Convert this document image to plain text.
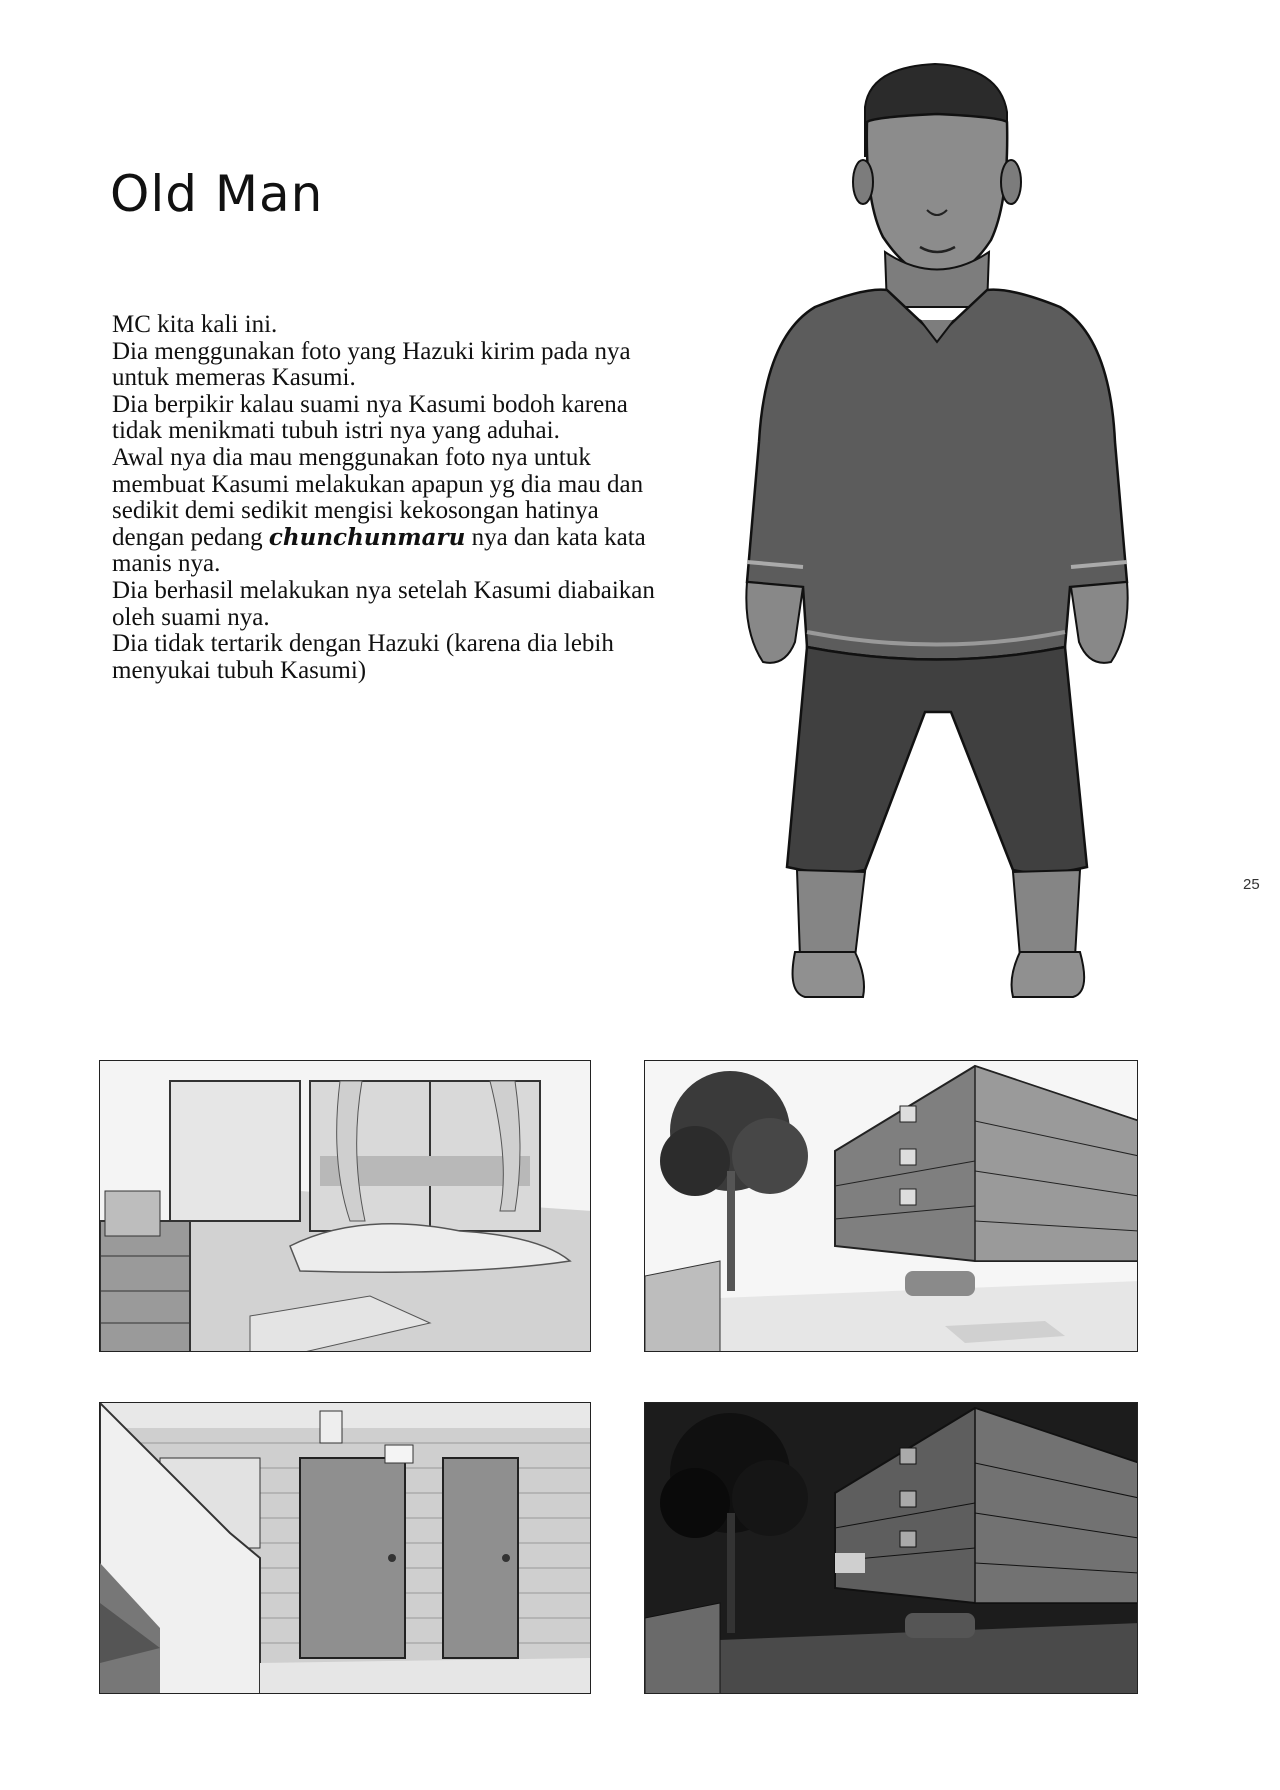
Old Man
MC kita kali ini.
Dia menggunakan foto yang Hazuki kirim pada nya
untuk memeras Kasumi.
Dia berpikir kalau suami nya Kasumi bodoh karena
tidak menikmati tubuh istri nya yang aduhai.
Awal nya dia mau menggunakan foto nya untuk
membuat Kasumi melakukan apapun yg dia mau dan
sedikit demi sedikit mengisi kekosongan hatinya
dengan pedang chunchunmaru nya dan kata kata
manis nya.
Dia berhasil melakukan nya setelah Kasumi diabaikan
oleh suami nya.
Dia tidak tertarik dengan Hazuki (karena dia lebih
menyukai tubuh Kasumi)
25
